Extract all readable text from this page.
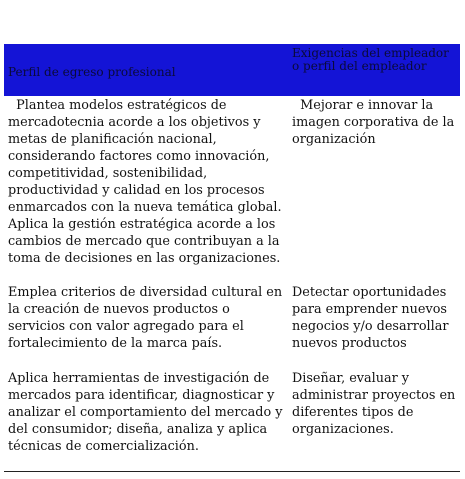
Perfil de egreso profesional	Exigencias del empleador o perfil del empleador
Plantea modelos estratégicos de mercadotecnia acorde a los objetivos y metas de planificación nacional, considerando factores como innovación, competitividad, sostenibilidad, productividad y calidad en los procesos enmarcados con la nueva temática global. Aplica la gestión estratégica acorde a los cambios de mercado que contribuyan a la toma de decisiones en las organizaciones.	Mejorar e innovar la imagen corporativa de la organización
Emplea criterios de diversidad cultural en la creación de nuevos productos o servicios con valor agregado para el fortalecimiento de la marca país.	Detectar oportunidades para emprender nuevos negocios y/o desarrollar nuevos productos
Aplica herramientas de investigación de mercados para identificar, diagnosticar y analizar el comportamiento del mercado y del consumidor; diseña, analiza y aplica técnicas de comercialización.	Diseñar, evaluar y administrar proyectos en diferentes tipos de organizaciones.
